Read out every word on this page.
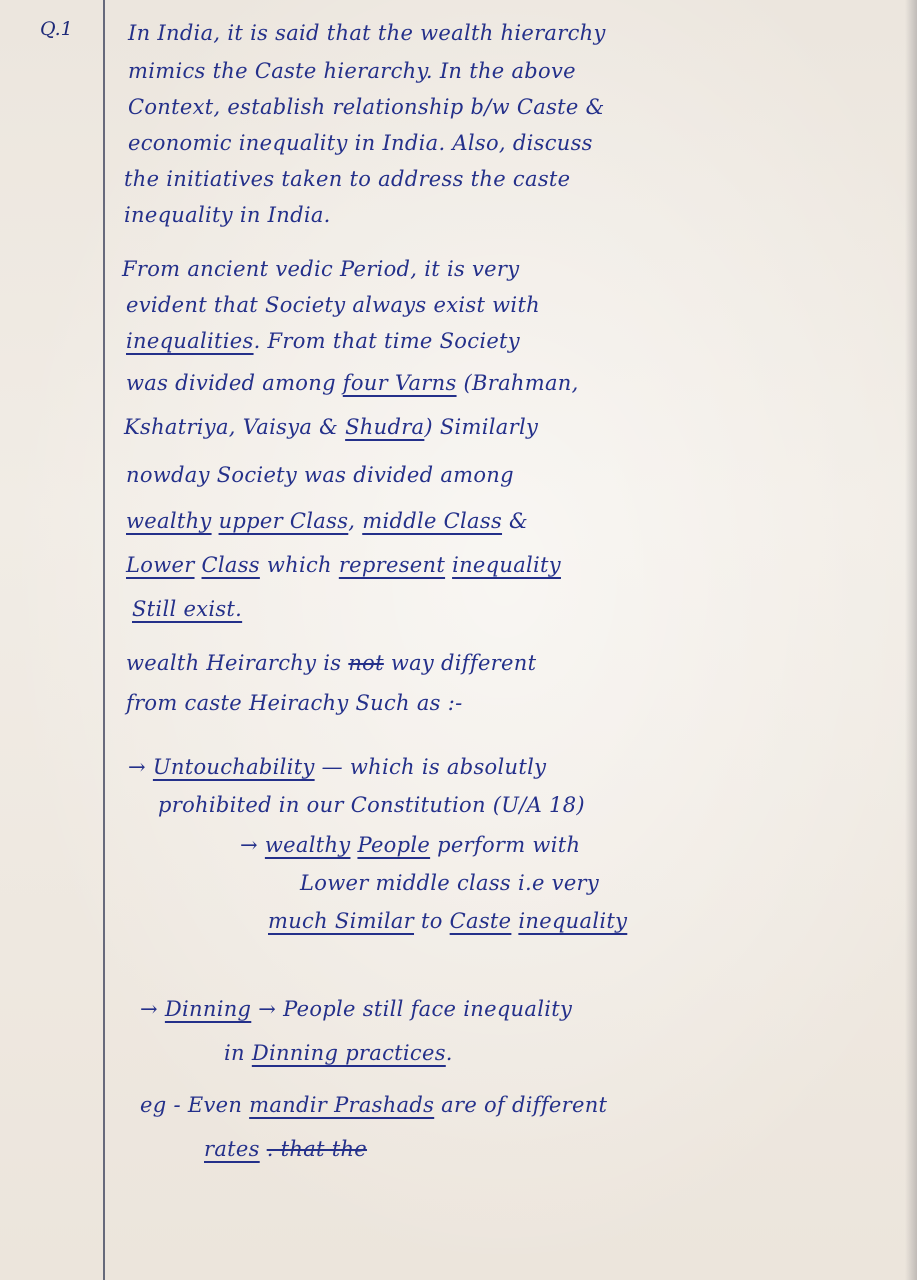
Q.1	In India, it is said that the wealth hierarchy
mimics the Caste hierarchy. In the above
Context, establish relationship b/w Caste &
economic inequality in India. Also, discuss
the initiatives taken to address the caste
inequality in India.
From ancient vedic Period, it is very
evident that Society always exist with
inequalities. From that time Society
was divided among four Varns (Brahman,
Kshatriya, Vaisya & Shudra) Similarly
nowday Society was divided among
wealthy upper Class, middle Class &
Lower Class which represent inequality
Still exist.
wealth Heirarchy is not way different
from caste Heirachy Such as :-
→ Untouchability — which is absolutly
prohibited in our Constitution (U/A 18)
→ wealthy People perform with
Lower middle class i.e very
much Similar to Caste inequality
→ Dinning → People still face inequality
in Dinning practices.
eg - Even mandir Prashads are of different
rates . that the
